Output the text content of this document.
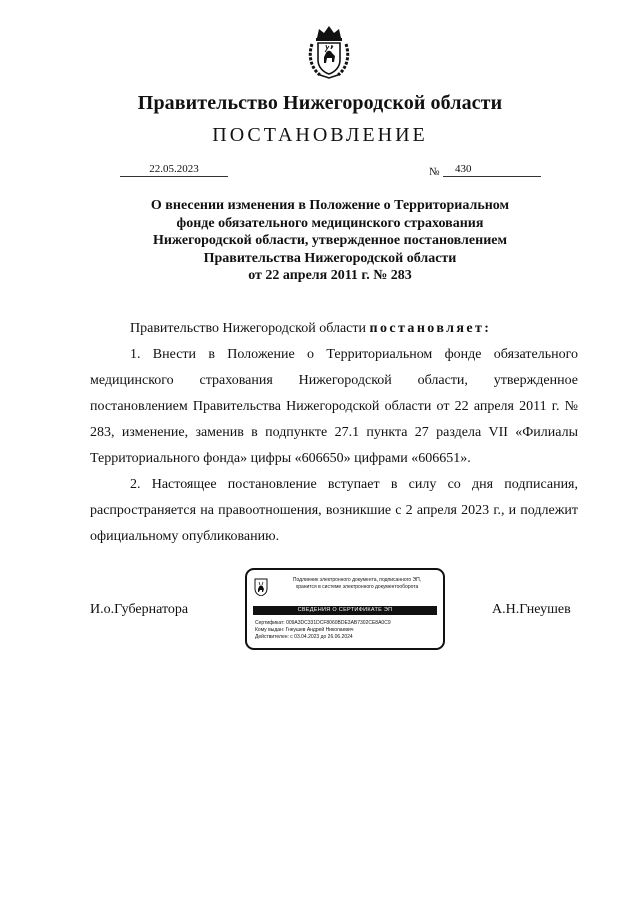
Правительство Нижегородской области
ПОСТАНОВЛЕНИЕ
22.05.2023	№	430
О внесении изменения в Положение о Территориальном
фонде обязательного медицинского страхования
Нижегородской области, утвержденное постановлением
Правительства Нижегородской области
от 22 апреля 2011 г. № 283

Правительство Нижегородской области постановляет:

1. Внести в Положение о Территориальном фонде обязательного медицинского страхования Нижегородской области, утвержденное постановлением Правительства Нижегородской области от 22 апреля 2011 г. № 283, изменение, заменив в подпункте 27.1 пункта 27 раздела VII «Филиалы Территориального фонда» цифры «606650» цифрами «606651».

2. Настоящее постановление вступает в силу со дня подписания, распространяется на правоотношения, возникшие с 2 апреля 2023 г., и подлежит официальному опубликованию.

И.о.Губернатора	А.Н.Гнеушев
Подлинник электронного документа, подписанного ЭП,
хранится в системе электронного документооборота
СВЕДЕНИЯ О СЕРТИФИКАТЕ ЭП
Сертификат: 009A3DC331DCF8060BDE3AB7302CE8A0C9
Кому выдан: Гнеушев Андрей Николаевич
Действителен: с 03.04.2023 до 26.06.2024
